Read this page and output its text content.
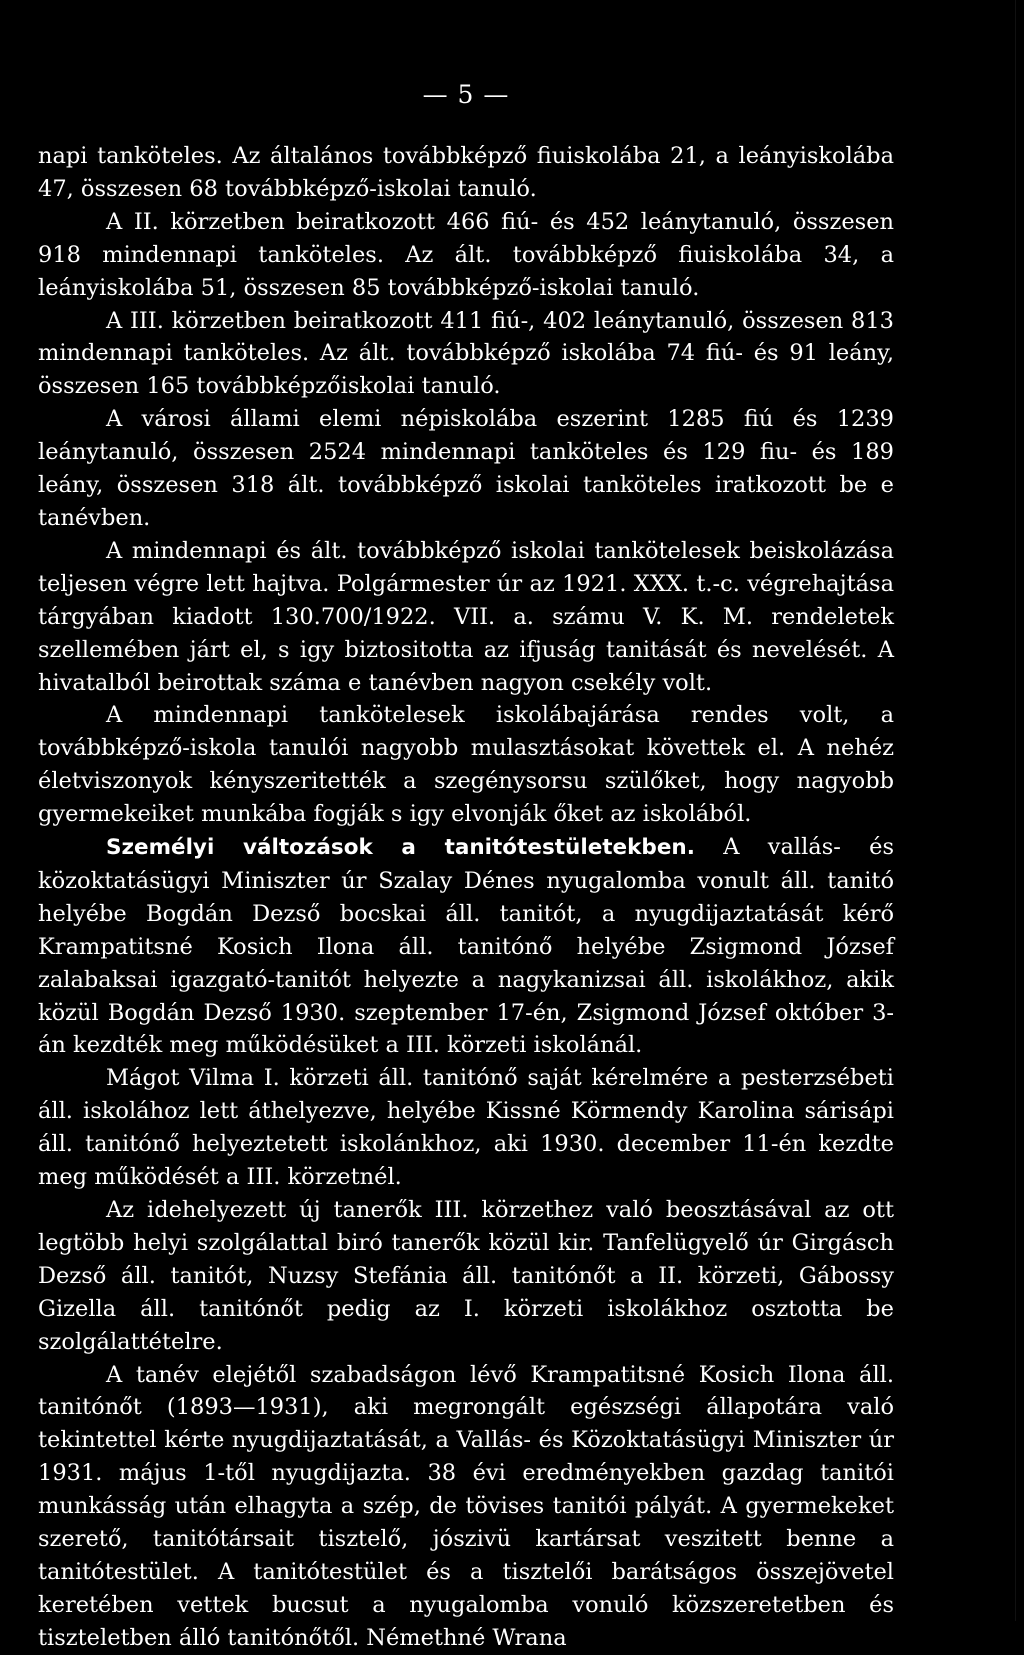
— 5 —

napi tanköteles. Az általános továbbképző fiuiskolába 21, a leányiskolába 47, összesen 68 továbbképző-iskolai tanuló.

A II. körzetben beiratkozott 466 fiú- és 452 leánytanuló, összesen 918 mindennapi tanköteles. Az ált. továbbképző fiuiskolába 34, a leányiskolába 51, összesen 85 továbbképző-iskolai tanuló.

A III. körzetben beiratkozott 411 fiú-, 402 leánytanuló, összesen 813 mindennapi tanköteles. Az ált. továbbképző iskolába 74 fiú- és 91 leány, összesen 165 továbbképzőiskolai tanuló.

A városi állami elemi népiskolába eszerint 1285 fiú és 1239 leánytanuló, összesen 2524 mindennapi tanköteles és 129 fiu- és 189 leány, összesen 318 ált. továbbképző iskolai tanköteles iratkozott be e tanévben.

A mindennapi és ált. továbbképző iskolai tankötelesek beiskolázása teljesen végre lett hajtva. Polgármester úr az 1921. XXX. t.-c. végrehajtása tárgyában kiadott 130.700/1922. VII. a. számu V. K. M. rendeletek szellemében járt el, s igy biztositotta az ifjuság tanitását és nevelését. A hivatalból beirottak száma e tanévben nagyon csekély volt.

A mindennapi tankötelesek iskolábajárása rendes volt, a továbbképző-iskola tanulói nagyobb mulasztásokat követtek el. A nehéz életviszonyok kényszeritették a szegénysorsu szülőket, hogy nagyobb gyermekeiket munkába fogják s igy elvonják őket az iskolából.

Személyi változások a tanitótestületekben. A vallás- és közoktatásügyi Miniszter úr Szalay Dénes nyugalomba vonult áll. tanitó helyébe Bogdán Dezső bocskai áll. tanitót, a nyugdijaztatását kérő Krampatitsné Kosich Ilona áll. tanitónő helyébe Zsigmond József zalabaksai igazgató-tanitót helyezte a nagykanizsai áll. iskolákhoz, akik közül Bogdán Dezső 1930. szeptember 17-én, Zsigmond József október 3-án kezdték meg működésüket a III. körzeti iskolánál.

Mágot Vilma I. körzeti áll. tanitónő saját kérelmére a pesterzsébeti áll. iskolához lett áthelyezve, helyébe Kissné Körmendy Karolina sárisápi áll. tanitónő helyeztetett iskolánkhoz, aki 1930. december 11-én kezdte meg működését a III. körzetnél.

Az idehelyezett új tanerők III. körzethez való beosztásával az ott legtöbb helyi szolgálattal biró tanerők közül kir. Tanfelügyelő úr Girgásch Dezső áll. tanitót, Nuzsy Stefánia áll. tanitónőt a II. körzeti, Gábossy Gizella áll. tanitónőt pedig az I. körzeti iskolákhoz osztotta be szolgálattételre.

A tanév elejétől szabadságon lévő Krampatitsné Kosich Ilona áll. tanitónőt (1893—1931), aki megrongált egészségi állapotára való tekintettel kérte nyugdijaztatását, a Vallás- és Közoktatásügyi Miniszter úr 1931. május 1-től nyugdijazta. 38 évi eredményekben gazdag tanitói munkásság után elhagyta a szép, de tövises tanitói pályát. A gyermekeket szerető, tanitótársait tisztelő, jószivü kartársat veszitett benne a tanitótestület. A tanitótestület és a tisztelői barátságos összejövetel keretében vettek bucsut a nyugalomba vonuló közszeretetben és tiszteletben álló tanitónőtől. Némethné Wrana
